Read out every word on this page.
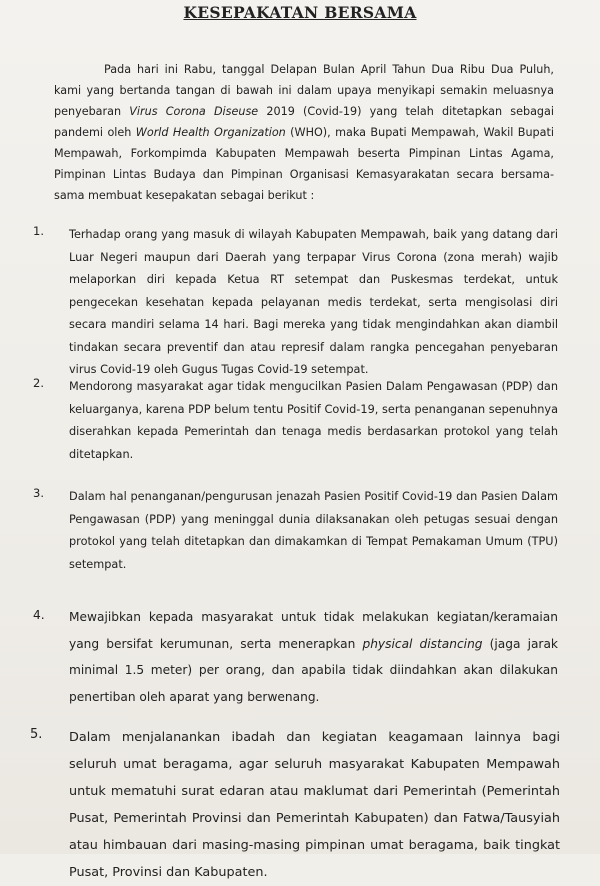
KESEPAKATAN BERSAMA
Pada hari ini Rabu, tanggal Delapan Bulan April Tahun Dua Ribu Dua Puluh, kami yang bertanda tangan di bawah ini dalam upaya menyikapi semakin meluasnya penyebaran Virus Corona Diseuse 2019 (Covid-19) yang telah ditetapkan sebagai pandemi oleh World Health Organization (WHO), maka Bupati Mempawah, Wakil Bupati Mempawah, Forkompimda Kabupaten Mempawah beserta Pimpinan Lintas Agama, Pimpinan Lintas Budaya dan Pimpinan Organisasi Kemasyarakatan secara bersama-sama membuat kesepakatan sebagai berikut :
1. Terhadap orang yang masuk di wilayah Kabupaten Mempawah, baik yang datang dari Luar Negeri maupun dari Daerah yang terpapar Virus Corona (zona merah) wajib melaporkan diri kepada Ketua RT setempat dan Puskesmas terdekat, untuk pengecekan kesehatan kepada pelayanan medis terdekat, serta mengisolasi diri secara mandiri selama 14 hari. Bagi mereka yang tidak mengindahkan akan diambil tindakan secara preventif dan atau represif dalam rangka pencegahan penyebaran virus Covid-19 oleh Gugus Tugas Covid-19 setempat.
2. Mendorong masyarakat agar tidak mengucilkan Pasien Dalam Pengawasan (PDP) dan keluarganya, karena PDP belum tentu Positif Covid-19, serta penanganan sepenuhnya diserahkan kepada Pemerintah dan tenaga medis berdasarkan protokol yang telah ditetapkan.
3. Dalam hal penanganan/pengurusan jenazah Pasien Positif Covid-19 dan Pasien Dalam Pengawasan (PDP) yang meninggal dunia dilaksanakan oleh petugas sesuai dengan protokol yang telah ditetapkan dan dimakamkan di Tempat Pemakaman Umum (TPU) setempat.
4. Mewajibkan kepada masyarakat untuk tidak melakukan kegiatan/keramaian yang bersifat kerumunan, serta menerapkan physical distancing (jaga jarak minimal 1.5 meter) per orang, dan apabila tidak diindahkan akan dilakukan penertiban oleh aparat yang berwenang.
5. Dalam menjalanankan ibadah dan kegiatan keagamaan lainnya bagi seluruh umat beragama, agar seluruh masyarakat Kabupaten Mempawah untuk mematuhi surat edaran atau maklumat dari Pemerintah (Pemerintah Pusat, Pemerintah Provinsi dan Pemerintah Kabupaten) dan Fatwa/Tausyiah atau himbauan dari masing-masing pimpinan umat beragama, baik tingkat Pusat, Provinsi dan Kabupaten.
